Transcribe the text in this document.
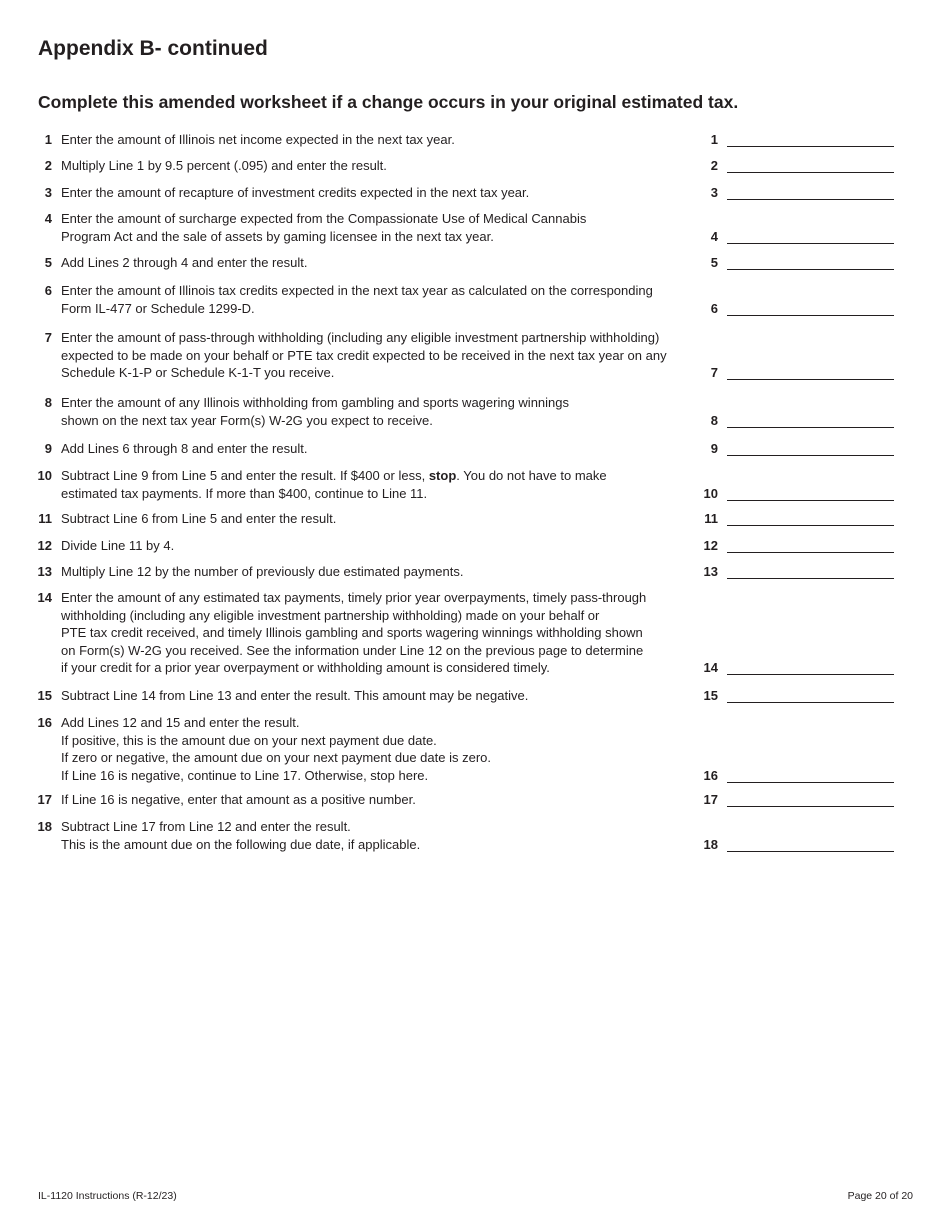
Appendix B- continued
Complete this amended worksheet if a change occurs in your original estimated tax.
1 Enter the amount of Illinois net income expected in the next tax year.	1
2 Multiply Line 1 by 9.5 percent (.095) and enter the result.	2
3 Enter the amount of recapture of investment credits expected in the next tax year.	3
4 Enter the amount of surcharge expected from the Compassionate Use of Medical Cannabis
Program Act and the sale of assets by gaming licensee in the next tax year.	4
5 Add Lines 2 through 4 and enter the result.	5
6 Enter the amount of Illinois tax credits expected in the next tax year as calculated on the corresponding
Form IL-477 or Schedule 1299-D.	6
7 Enter the amount of pass-through withholding (including any eligible investment partnership withholding)
expected to be made on your behalf or PTE tax credit expected to be received in the next tax year on any
Schedule K-1-P or Schedule K-1-T you receive.	7
8 Enter the amount of any Illinois withholding from gambling and sports wagering winnings
shown on the next tax year Form(s) W-2G you expect to receive.	8
9 Add Lines 6 through 8 and enter the result.	9
10 Subtract Line 9 from Line 5 and enter the result. If $400 or less, stop. You do not have to make
estimated tax payments. If more than $400, continue to Line 11.	10
11 Subtract Line 6 from Line 5 and enter the result.	11
12 Divide Line 11 by 4.	12
13 Multiply Line 12 by the number of previously due estimated payments.	13
14 Enter the amount of any estimated tax payments, timely prior year overpayments, timely pass-through
withholding (including any eligible investment partnership withholding) made on your behalf or
PTE tax credit received, and timely Illinois gambling and sports wagering winnings withholding shown
on Form(s) W-2G you received. See the information under Line 12 on the previous page to determine
if your credit for a prior year overpayment or withholding amount is considered timely.	14
15 Subtract Line 14 from Line 13 and enter the result. This amount may be negative.	15
16 Add Lines 12 and 15 and enter the result.
If positive, this is the amount due on your next payment due date.
If zero or negative, the amount due on your next payment due date is zero.
If Line 16 is negative, continue to Line 17. Otherwise, stop here.	16
17 If Line 16 is negative, enter that amount as a positive number.	17
18 Subtract Line 17 from Line 12 and enter the result.
This is the amount due on the following due date, if applicable.	18
IL-1120 Instructions (R-12/23)	Page 20 of 20
